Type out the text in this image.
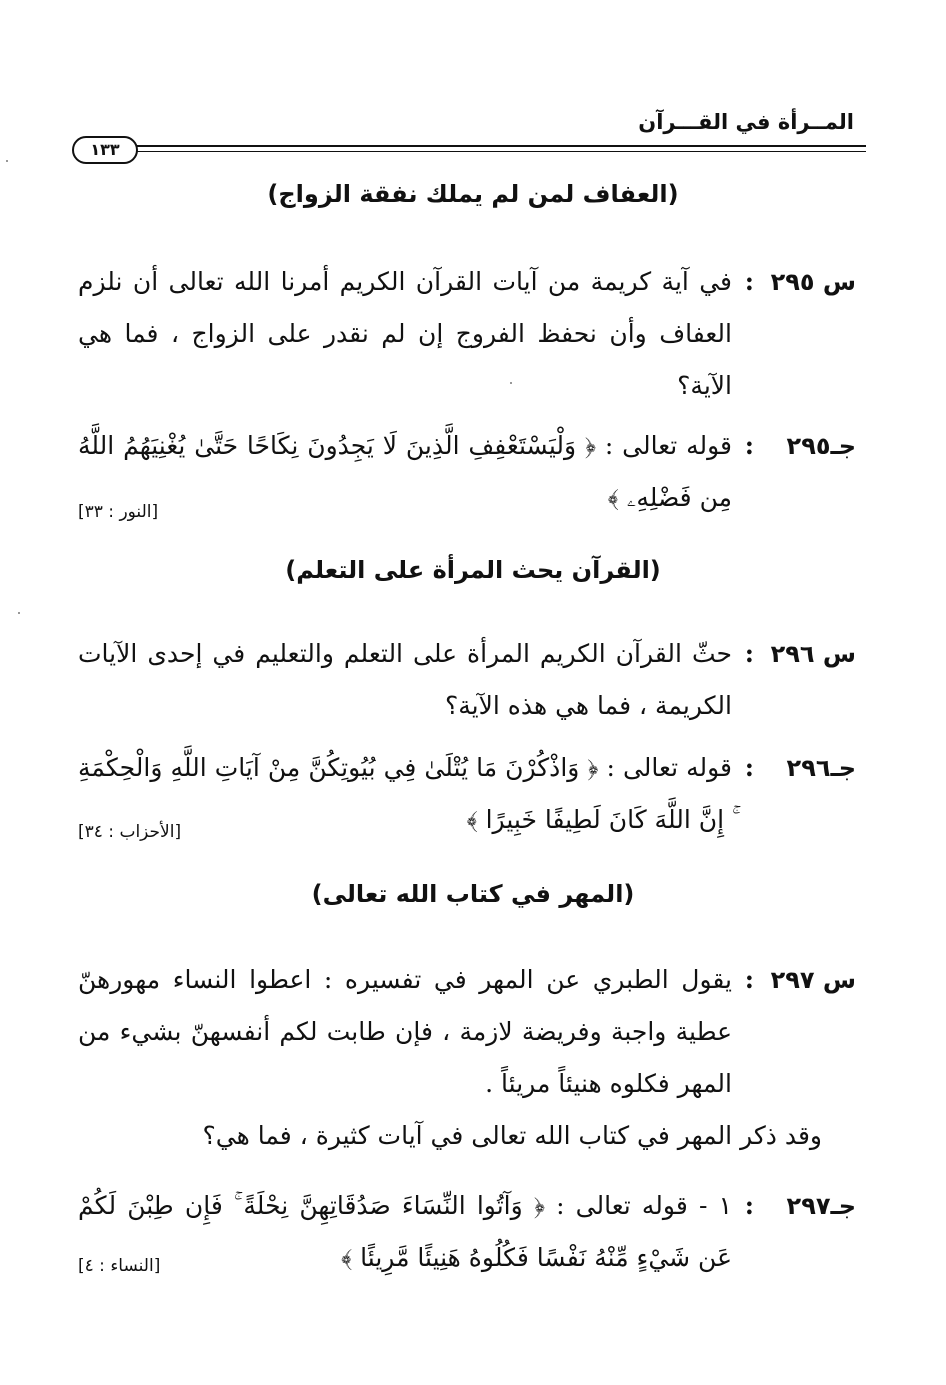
المــرأة في القـــرآن
١٣٣
(العفاف لمن لم يملك نفقة الزواج)
س ٢٩٥
:
في آية كريمة من آيات القرآن الكريم أمرنا الله تعالى أن نلزم العفاف وأن نحفظ الفروج إن لم نقدر على الزواج ، فما هي الآية؟
جـ٢٩٥
:
قوله تعالى : ﴿ وَلْيَسْتَعْفِفِ الَّذِينَ لَا يَجِدُونَ نِكَاحًا حَتَّىٰ يُغْنِيَهُمُ اللَّهُ مِن فَضْلِهِۦ ﴾
[النور : ٣٣]
(القرآن يحث المرأة على التعلم)
س ٢٩٦
:
حثّ القرآن الكريم المرأة على التعلم والتعليم في إحدى الآيات الكريمة ، فما هي هذه الآية؟
جـ٢٩٦
:
قوله تعالى : ﴿ وَاذْكُرْنَ مَا يُتْلَىٰ فِي بُيُوتِكُنَّ مِنْ آيَاتِ اللَّهِ وَالْحِكْمَةِ ۚ إِنَّ اللَّهَ كَانَ لَطِيفًا خَبِيرًا ﴾
[الأحزاب : ٣٤]
(المهر في كتاب الله تعالى)
س ٢٩٧
:
يقول الطبري عن المهر في تفسيره : اعطوا النساء مهورهنّ عطية واجبة وفريضة لازمة ، فإن طابت لكم أنفسهنّ بشيء من المهر فكلوه هنيئاً مريئاً .
وقد ذكر المهر في كتاب الله تعالى في آيات كثيرة ، فما هي؟
جـ٢٩٧
:
١ - قوله تعالى : ﴿ وَآتُوا النِّسَاءَ صَدُقَاتِهِنَّ نِحْلَةً ۚ فَإِن طِبْنَ لَكُمْ عَن شَيْءٍ مِّنْهُ نَفْسًا فَكُلُوهُ هَنِيئًا مَّرِيئًا ﴾
[النساء : ٤]
